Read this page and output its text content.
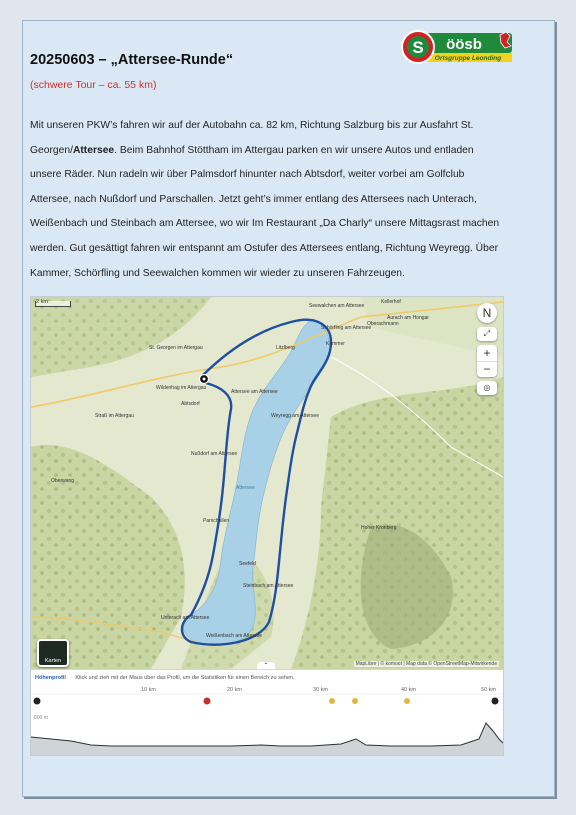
20250603 – „Attersee-Runde“
(schwere Tour – ca. 55 km)
S öösb
Ortsgruppe Leonding
Mit unseren PKW’s fahren wir auf der Autobahn ca. 82 km, Richtung Salzburg bis zur Ausfahrt St. Georgen/Attersee. Beim Bahnhof Stöttham im Attergau parken en wir unsere Autos und entladen unsere Räder. Nun radeln wir über Palmsdorf hinunter nach Abtsdorf, weiter vorbei am Golfclub Attersee, nach Nußdorf und Parschallen. Jetzt geht’s immer entlang des Attersees nach Unterach, Weißenbach und Steinbach am Attersee, wo wir Im Restaurant „Da Charly“ unsere Mittagsrast machen werden. Gut gesättigt fahren wir entspannt am Ostufer des Attersees entlang, Richtung Weyregg. Über Kammer, Schörfling und Seewalchen kommen wir wieder zu unseren Fahrzeugen.
Seewalchen am Attersee
Schörfling am Attersee
Kammer
Litzlberg
St. Georgen im Attergau
Attersee am Attersee
Abtsdorf
Weyregg am Attersee
Nußdorf am Attersee
Attersee
Parschallen
Seefeld
Steinbach am Attersee
Unterach am Attersee
Weißenbach am Attersee
Straß im Attergau
Wildenhag im Attergau
Oberwang
Hoher Kronberg
Aurach am Hongar
Kellerhof
Oberachmann
2 km
N
⤢
+
−
◎
Karten	MapLibre | © komoot | Map data © OpenStreetMap-Mitwirkende
⌃
Höhenprofil Klick und zieh mit der Maus über das Profil, um die Statistiken für einen Bereich zu sehen.
10 km	20 km	30 km	40 km	50 km
600 m
